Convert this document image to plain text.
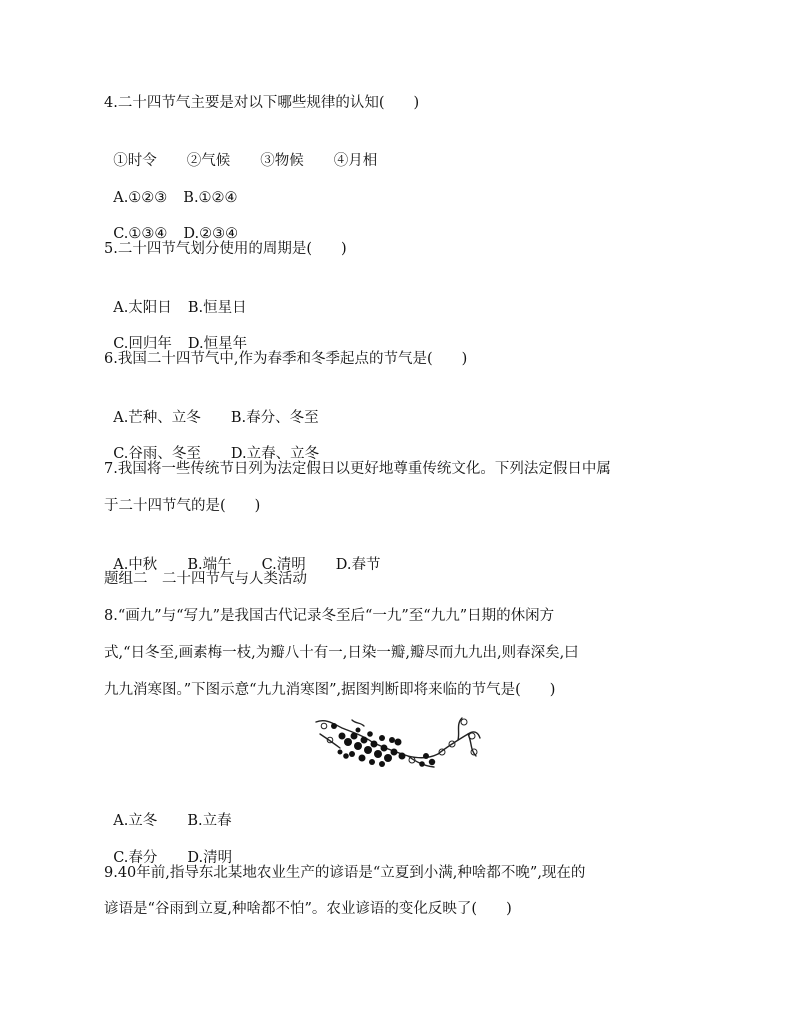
4.二十四节气主要是对以下哪些规律的认知(　　)

①时令 ②气候 ③物候 ④月相

A.①②③ B.①②④

C.①③④ D.②③④

5.二十四节气划分使用的周期是(　　)

A.太阳日 B.恒星日

C.回归年 D.恒星年

6.我国二十四节气中,作为春季和冬季起点的节气是(　　)

A.芒种、立冬 B.春分、冬至

C.谷雨、冬至 D.立春、立冬

7.我国将一些传统节日列为法定假日以更好地尊重传统文化。下列法定假日中属
于二十四节气的是(　　)

A.中秋 B.端午 C.清明 D.春节

题组二　二十四节气与人类活动
8.“画九”与“写九”是我国古代记录冬至后“一九”至“九九”日期的休闲方
式,“日冬至,画素梅一枝,为瓣八十有一,日染一瓣,瓣尽而九九出,则春深矣,曰
九九消寒图。”下图示意“九九消寒图”,据图判断即将来临的节气是(　　)

A.立冬 B.立春

C.春分 D.清明

9.40年前,指导东北某地农业生产的谚语是“立夏到小满,种啥都不晚”,现在的
谚语是“谷雨到立夏,种啥都不怕”。农业谚语的变化反映了(　　)
